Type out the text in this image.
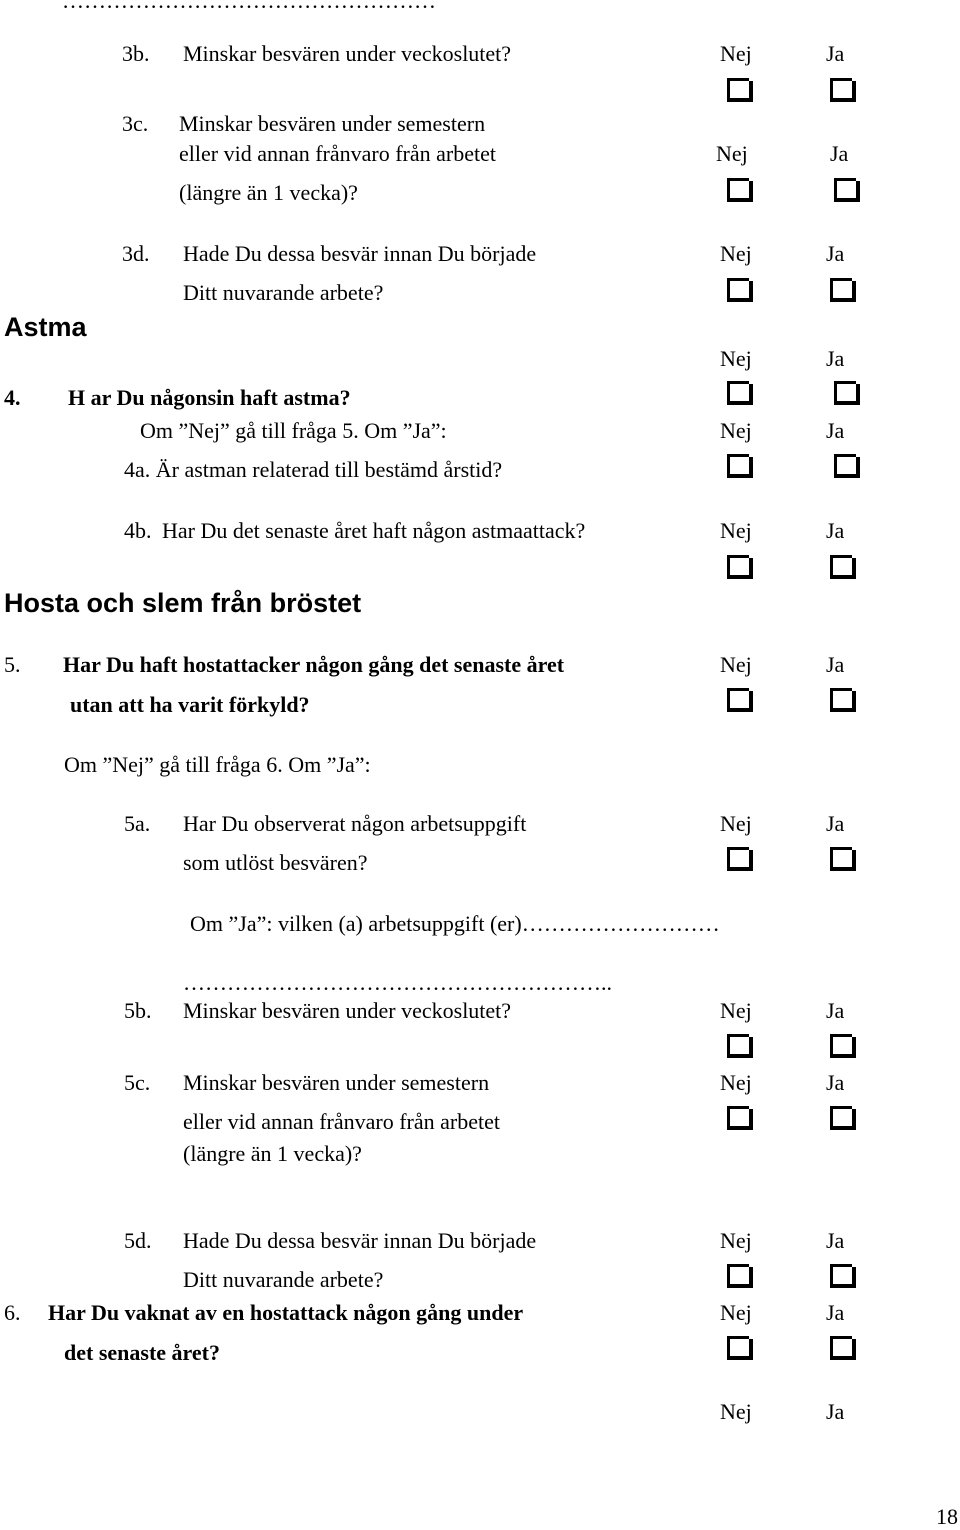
……………………………………………
3b. Minskar besvären under veckoslutet?	Nej	Ja
3c. Minskar besvären under semestern
eller vid annan frånvaro från arbetet	Nej	Ja
(längre än 1 vecka)?
3d. Hade Du dessa besvär innan Du började	Nej	Ja
Ditt nuvarande arbete?
Astma
Nej	Ja
4. H ar Du någonsin haft astma?
Om ”Nej” gå till fråga 5. Om ”Ja”:	Nej	Ja
4a. Är astman relaterad till bestämd årstid?
4b. Har Du det senaste året haft någon astmaattack?	Nej	Ja
Hosta och slem från bröstet
5. Har Du haft hostattacker någon gång det senaste året	Nej	Ja
utan att ha varit förkyld?
Om ”Nej” gå till fråga 6. Om ”Ja”:
5a. Har Du observerat någon arbetsuppgift	Nej	Ja
som utlöst besvären?
Om ”Ja”: vilken (a) arbetsuppgift (er)………………………
…………………………………………………..
5b. Minskar besvären under veckoslutet?	Nej	Ja
5c. Minskar besvären under semestern	Nej	Ja
eller vid annan frånvaro från arbetet
(längre än 1 vecka)?
5d. Hade Du dessa besvär innan Du började	Nej	Ja
Ditt nuvarande arbete?
6. Har Du vaknat av en hostattack någon gång under	Nej	Ja
det senaste året?
Nej	Ja
18
